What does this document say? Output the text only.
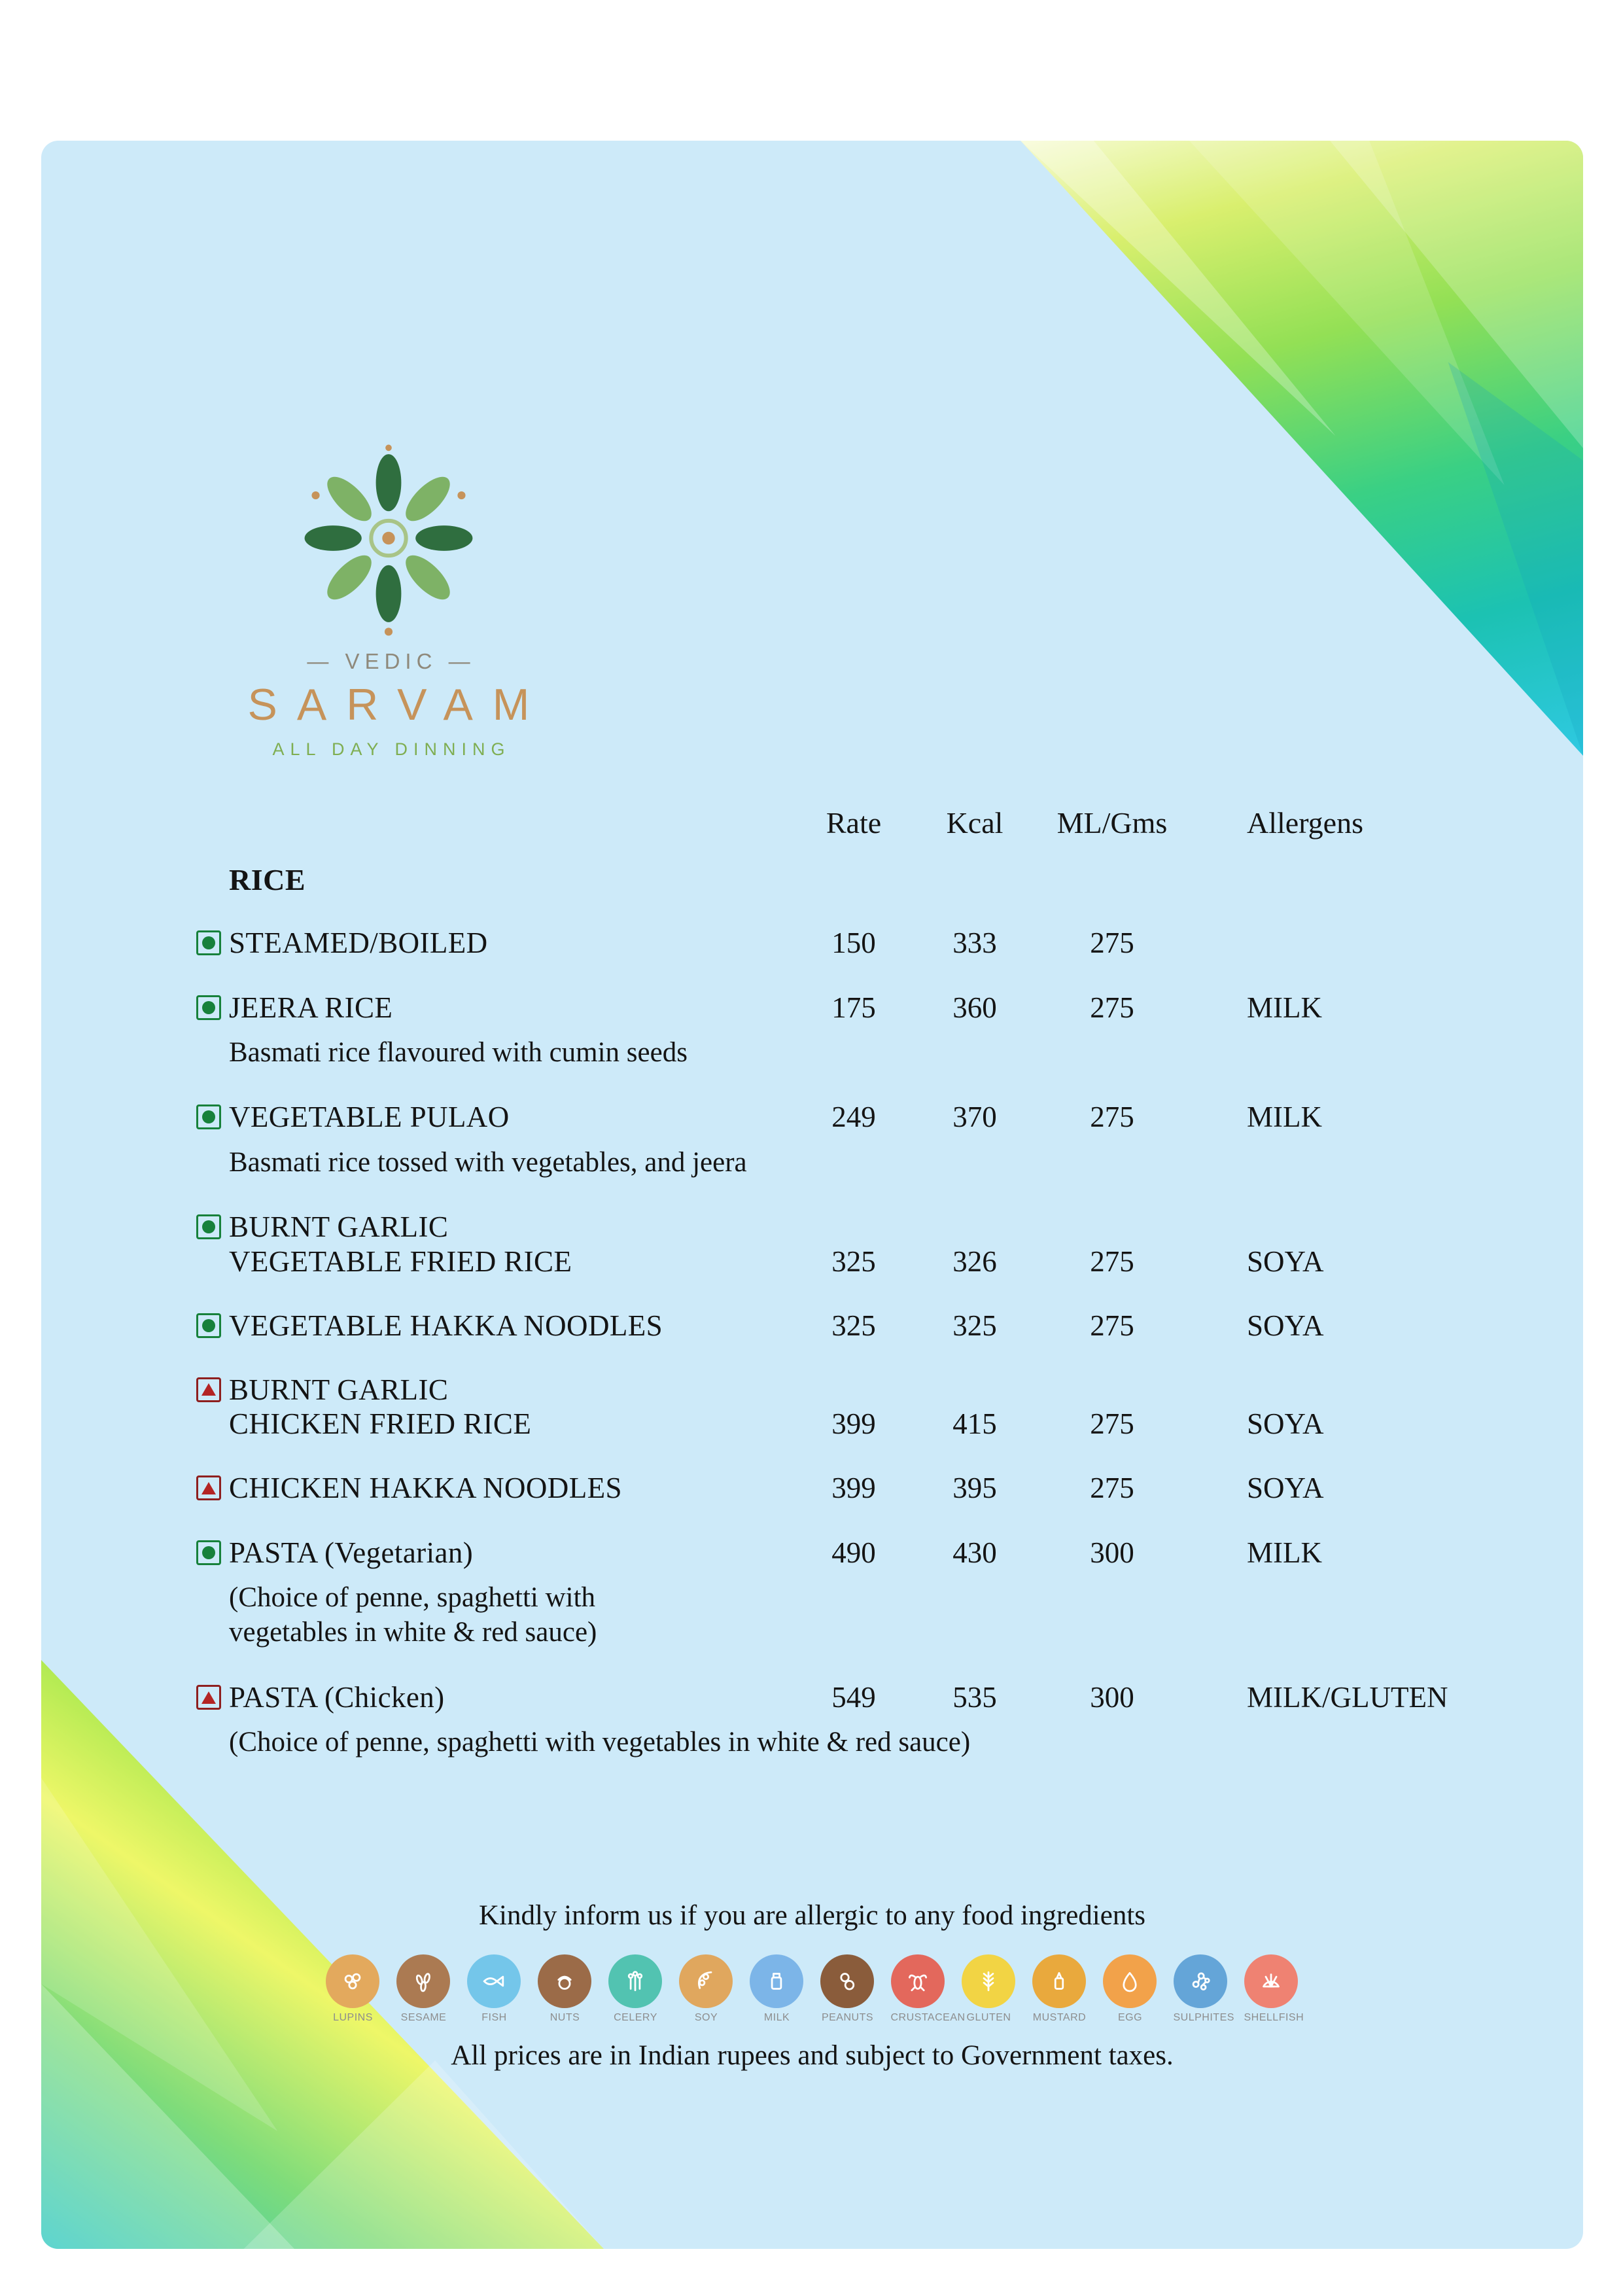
— VEDIC —
SARVAM
ALL DAY DINNING
Rate	Kcal	ML/Gms	Allergens
RICE
STEAMED/BOILED	150	333	275
JEERA RICE	175	360	275	MILK
Basmati rice flavoured with cumin seeds
VEGETABLE PULAO	249	370	275	MILK
Basmati rice tossed with vegetables, and jeera
BURNT GARLIC
VEGETABLE FRIED RICE	325	326	275	SOYA
VEGETABLE HAKKA NOODLES	325	325	275	SOYA
BURNT GARLIC
CHICKEN FRIED RICE	399	415	275	SOYA
CHICKEN HAKKA NOODLES	399	395	275	SOYA
PASTA (Vegetarian)	490	430	300	MILK
(Choice of penne, spaghetti with vegetables in white & red sauce)
PASTA (Chicken)	549	535	300	MILK/GLUTEN
(Choice of penne, spaghetti with vegetables in white & red sauce)
Kindly inform us if you are allergic to any food ingredients
LUPINS	SESAME	FISH	NUTS	CELERY	SOY	MILK	PEANUTS CRUSTACEAN GLUTEN	MUSTARD	EGG	SULPHITES SHELLFISH
All prices are in Indian rupees and subject to Government taxes.
